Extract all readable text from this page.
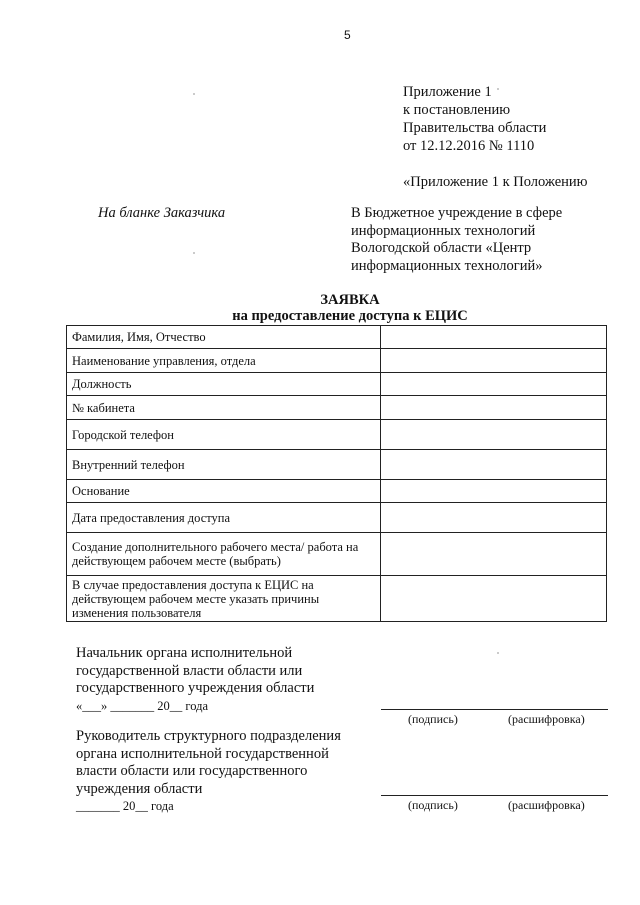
5
Приложение 1
к постановлению
Правительства области
от 12.12.2016 № 1110
«Приложение 1 к Положению
На бланке Заказчика	В Бюджетное учреждение в сфере
информационных технологий
Вологодской области «Центр
информационных технологий»
ЗАЯВКА
на предоставление доступа к ЕЦИС
Фамилия, Имя, Отчество	
Наименование управления, отдела	
Должность	
№ кабинета	
Городской телефон	
Внутренний телефон	
Основание	
Дата предоставления доступа	

Создание дополнительного рабочего места/ работа на
действующем рабочем месте (выбрать)	

В случае предоставления доступа к ЕЦИС на
действующем рабочем месте указать причины
изменения пользователя	

Начальник органа исполнительной
государственной власти области или
государственного учреждения области
«___» _______ 20__ года
(подпись)	(расшифровка)
Руководитель структурного подразделения
органа исполнительной государственной
власти области или государственного
учреждения области
_______ 20__ года	(подпись)	(расшифровка)
